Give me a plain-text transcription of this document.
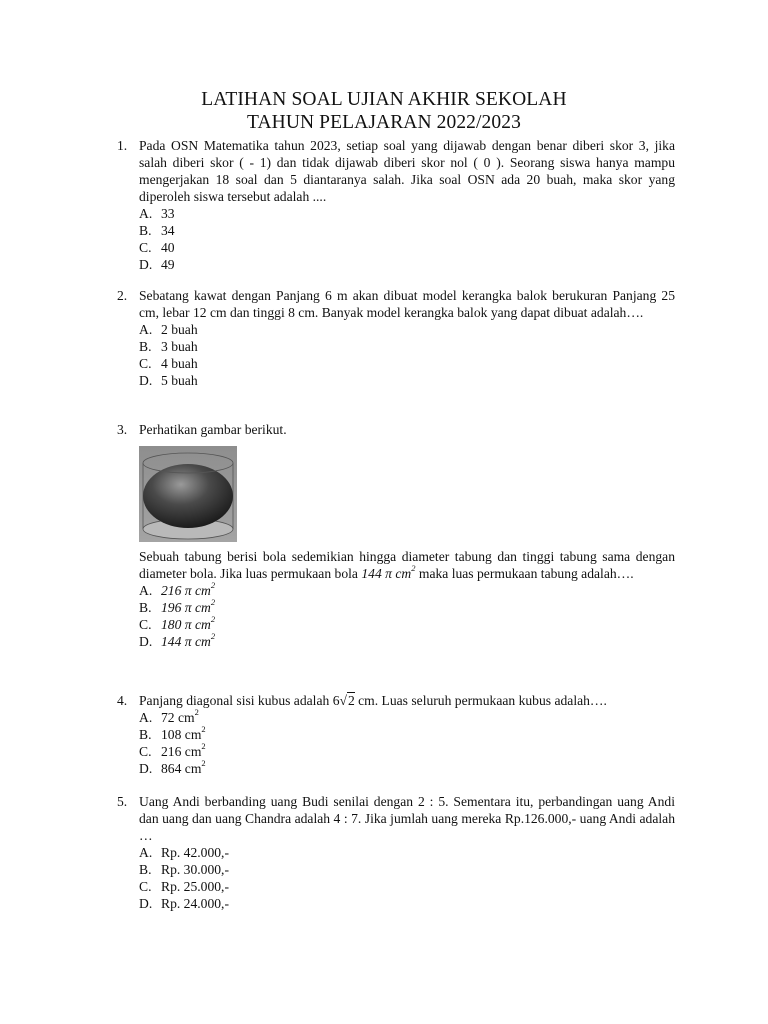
LATIHAN SOAL UJIAN AKHIR SEKOLAH
TAHUN PELAJARAN 2022/2023
1. Pada OSN Matematika tahun 2023, setiap soal yang dijawab dengan benar diberi skor 3, jika salah diberi skor ( - 1) dan tidak dijawab diberi skor nol ( 0 ). Seorang siswa hanya mampu mengerjakan 18 soal dan 5 diantaranya salah. Jika soal OSN ada 20 buah, maka skor yang diperoleh siswa tersebut adalah ....
A. 33
B. 34
C. 40
D. 49
2. Sebatang kawat dengan Panjang 6 m akan dibuat model kerangka balok berukuran Panjang 25 cm, lebar 12 cm dan tinggi 8 cm. Banyak model kerangka balok yang dapat dibuat adalah….
A. 2 buah
B. 3 buah
C. 4 buah
D. 5 buah
3. Perhatikan gambar berikut.
Sebuah tabung berisi bola sedemikian hingga diameter tabung dan tinggi tabung sama dengan diameter bola. Jika luas permukaan bola 144 π $cm^2$ maka luas permukaan tabung adalah….
A. 216 π $cm^2$
B. 196 π $cm^2$
C. 180 π $cm^2$
D. 144 π $cm^2$
4. Panjang diagonal sisi kubus adalah 6√2 cm. Luas seluruh permukaan kubus adalah….
A. 72 $cm^2$
B. 108 $cm^2$
C. 216 $cm^2$
D. 864 $cm^2$
5. Uang Andi berbanding uang Budi senilai dengan 2 : 5. Sementara itu, perbandingan uang Andi dan uang dan uang Chandra adalah 4 : 7. Jika jumlah uang mereka Rp.126.000,- uang Andi adalah …
A. Rp. 42.000,-
B. Rp. 30.000,-
C. Rp. 25.000,-
D. Rp. 24.000,-
